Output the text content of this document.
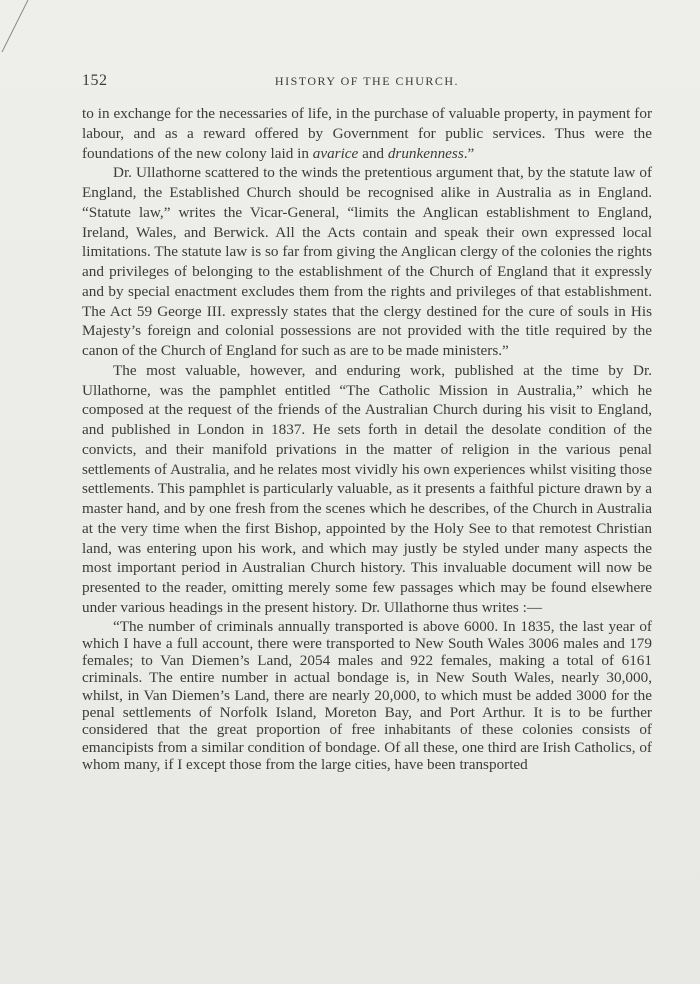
152	HISTORY OF THE CHURCH.

to in exchange for the necessaries of life, in the purchase of valuable property, in payment for labour, and as a reward offered by Government for public services. Thus were the foundations of the new colony laid in avarice and drunkenness.”

Dr. Ullathorne scattered to the winds the pretentious argument that, by the statute law of England, the Established Church should be recognised alike in Australia as in England. “Statute law,” writes the Vicar-General, “limits the Anglican establishment to England, Ireland, Wales, and Berwick. All the Acts contain and speak their own expressed local limitations. The statute law is so far from giving the Anglican clergy of the colonies the rights and privileges of belonging to the establishment of the Church of England that it expressly and by special enactment excludes them from the rights and privileges of that establishment. The Act 59 George III. expressly states that the clergy destined for the cure of souls in His Majesty’s foreign and colonial possessions are not provided with the title required by the canon of the Church of England for such as are to be made ministers.”

The most valuable, however, and enduring work, published at the time by Dr. Ullathorne, was the pamphlet entitled “The Catholic Mission in Australia,” which he composed at the request of the friends of the Australian Church during his visit to England, and published in London in 1837. He sets forth in detail the desolate condition of the convicts, and their manifold privations in the matter of religion in the various penal settlements of Australia, and he relates most vividly his own experiences whilst visiting those settlements. This pamphlet is particularly valuable, as it presents a faithful picture drawn by a master hand, and by one fresh from the scenes which he describes, of the Church in Australia at the very time when the first Bishop, appointed by the Holy See to that remotest Christian land, was entering upon his work, and which may justly be styled under many aspects the most important period in Australian Church history. This invaluable document will now be presented to the reader, omitting merely some few passages which may be found elsewhere under various headings in the present history. Dr. Ullathorne thus writes :—

“The number of criminals annually transported is above 6000. In 1835, the last year of which I have a full account, there were transported to New South Wales 3006 males and 179 females; to Van Diemen’s Land, 2054 males and 922 females, making a total of 6161 criminals. The entire number in actual bondage is, in New South Wales, nearly 30,000, whilst, in Van Diemen’s Land, there are nearly 20,000, to which must be added 3000 for the penal settlements of Norfolk Island, Moreton Bay, and Port Arthur. It is to be further considered that the great proportion of free inhabitants of these colonies consists of emancipists from a similar condition of bondage. Of all these, one third are Irish Catholics, of whom many, if I except those from the large cities, have been transported
